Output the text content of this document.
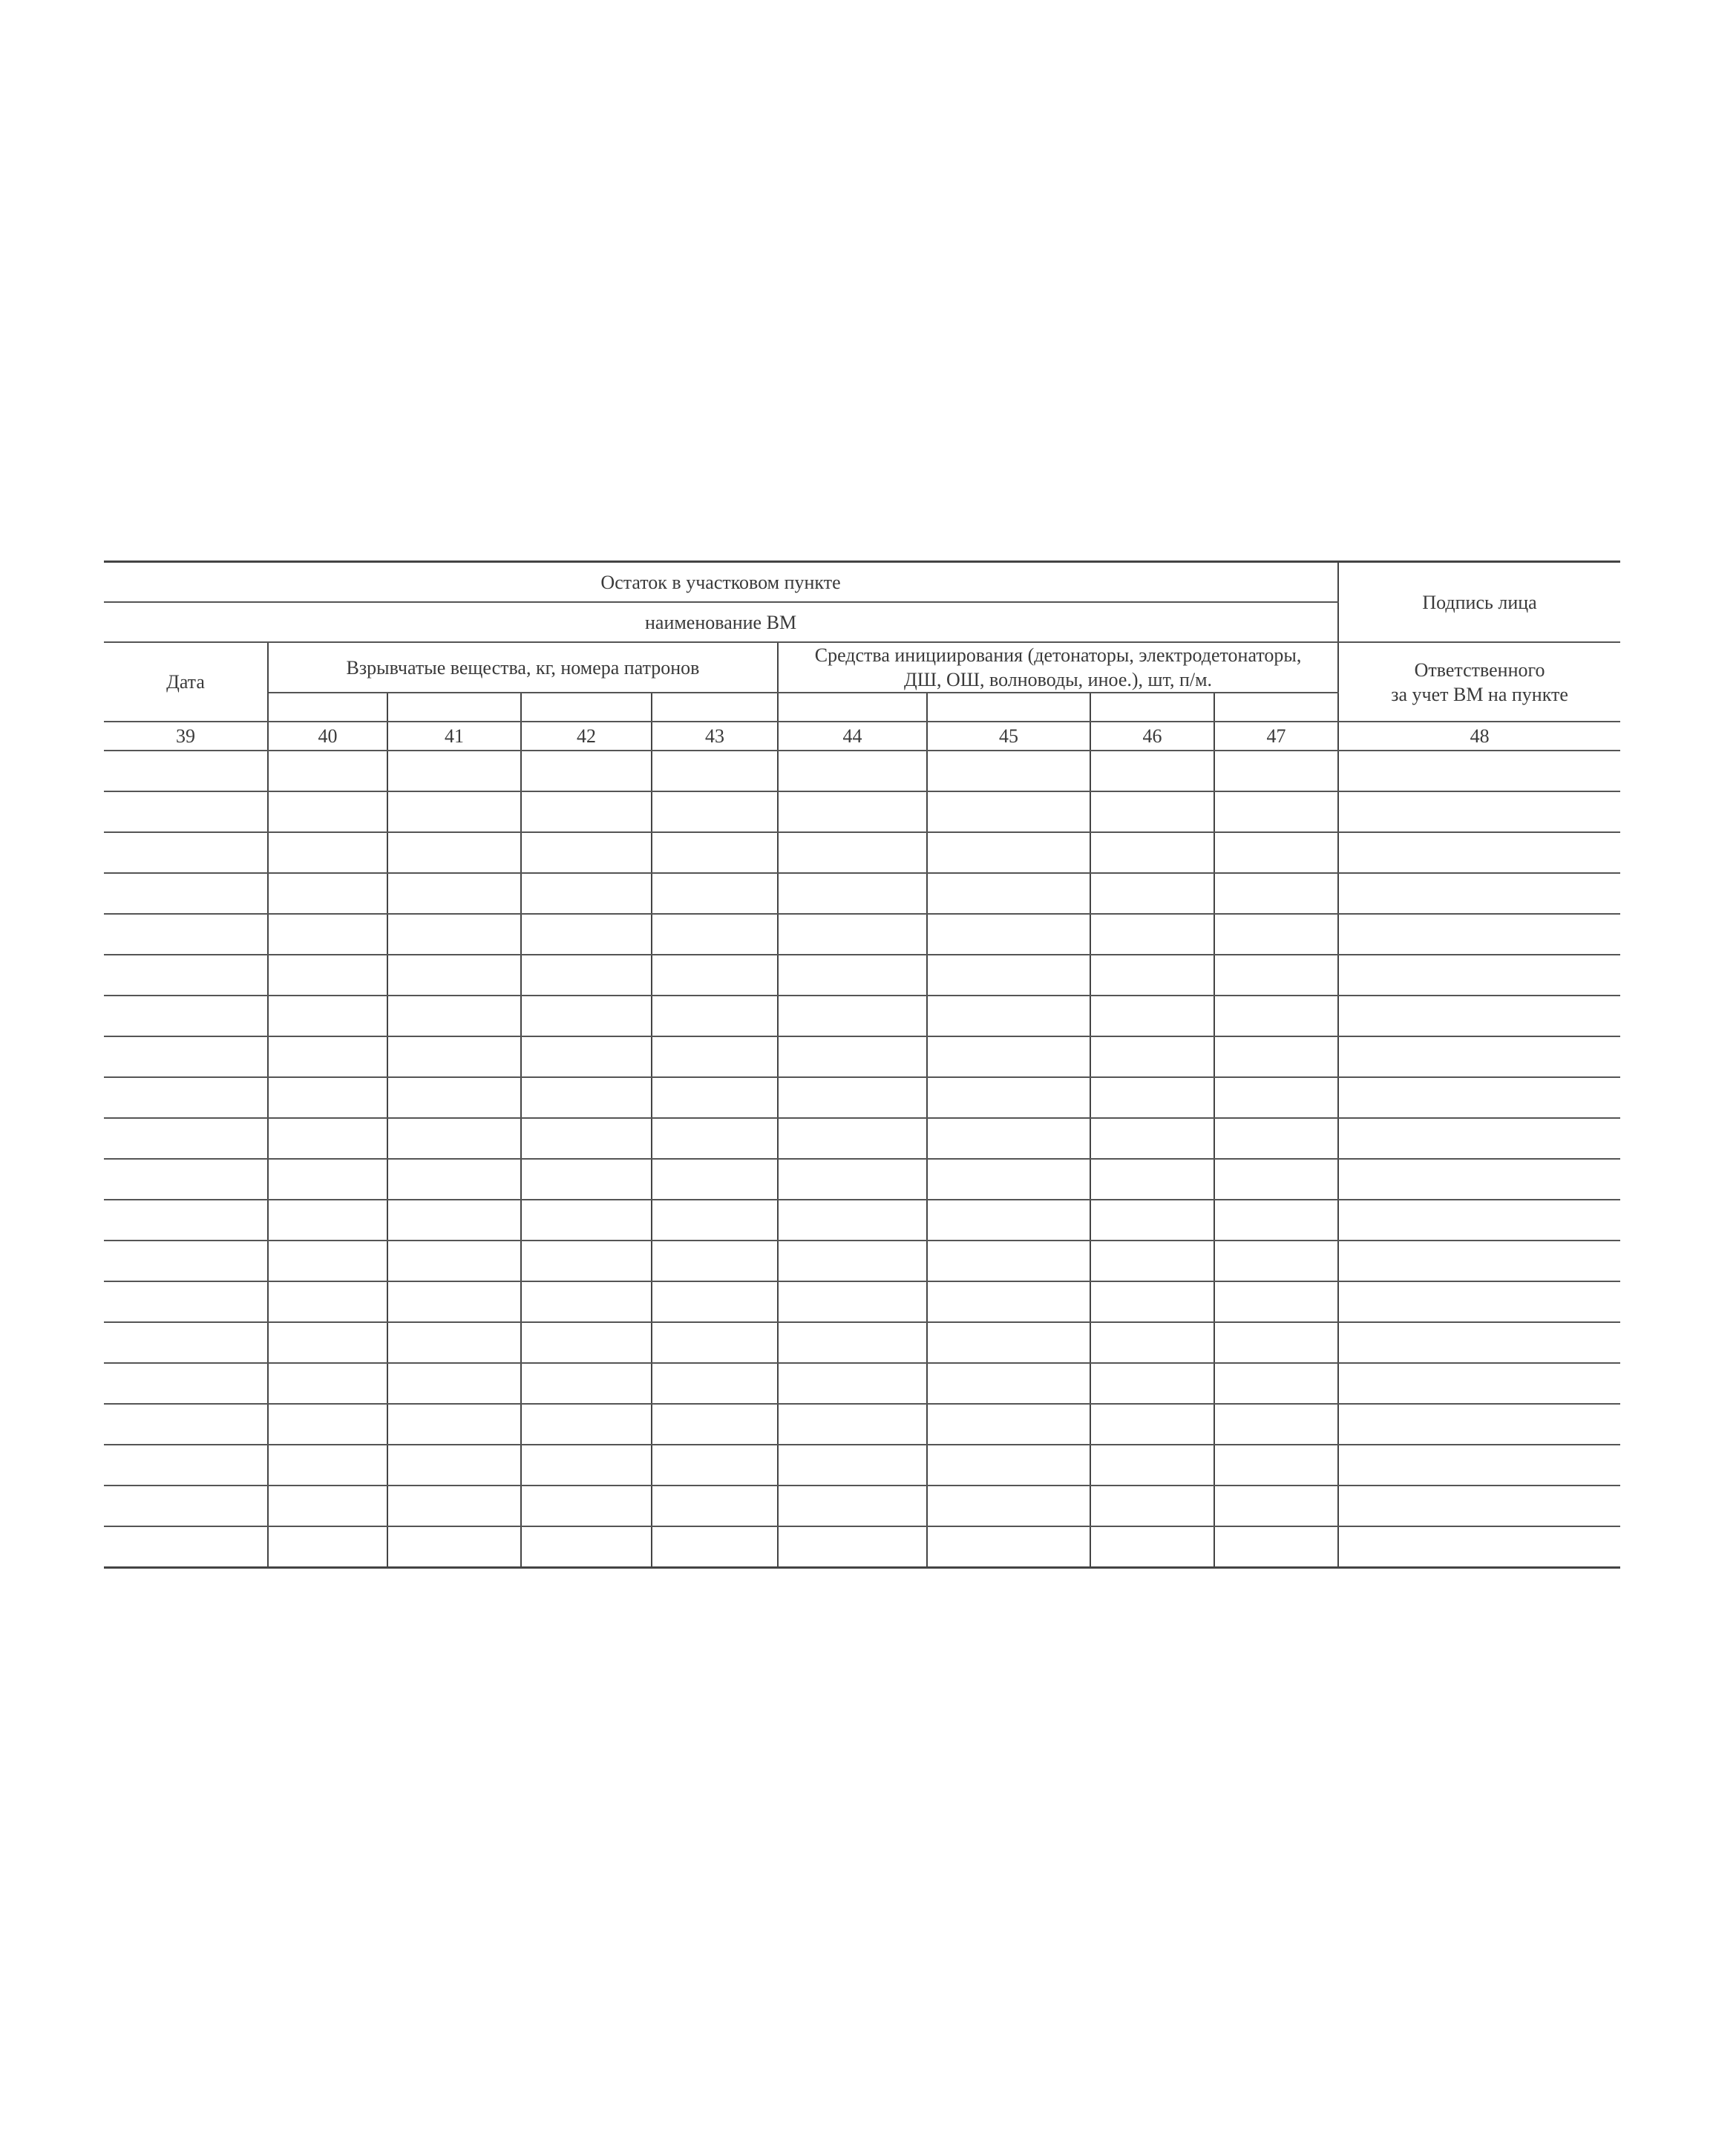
Остаток в участковом пункте									Подпись лица
наименование ВМ									
Дата	Взрывчатые вещества, кг, номера патронов				Средства инициирования (детонаторы, электродетонаторы,
ДШ, ОШ, волноводы, иное.), шт, п/м.				Ответственного
за учет ВМ на пункте

39	40	41	42	43	44	45	46	47	48
